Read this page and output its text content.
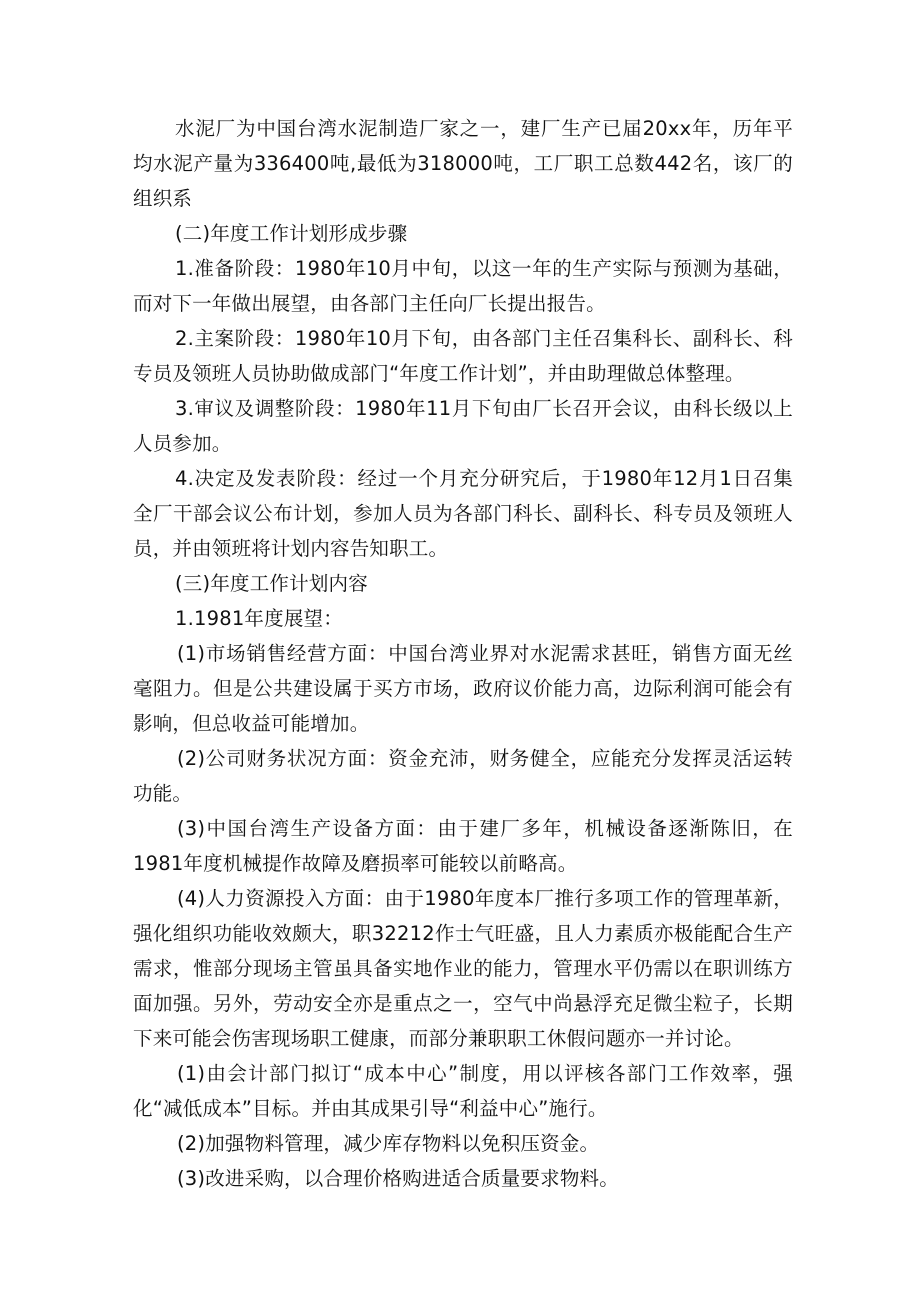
水泥厂为中国台湾水泥制造厂家之一，建厂生产已届20xx年，历年平均水泥产量为336400吨,最低为318000吨，工厂职工总数442名，该厂的组织系

(二)年度工作计划形成步骤

1.准备阶段：1980年10月中旬，以这一年的生产实际与预测为基础，而对下一年做出展望，由各部门主任向厂长提出报告。

2.主案阶段：1980年10月下旬，由各部门主任召集科长、副科长、科专员及领班人员协助做成部门“年度工作计划”，并由助理做总体整理。

3.审议及调整阶段：1980年11月下旬由厂长召开会议，由科长级以上人员参加。

4.决定及发表阶段：经过一个月充分研究后，于1980年12月1日召集全厂干部会议公布计划，参加人员为各部门科长、副科长、科专员及领班人员，并由领班将计划内容告知职工。

(三)年度工作计划内容

1.1981年度展望：

(1)市场销售经营方面：中国台湾业界对水泥需求甚旺，销售方面无丝毫阻力。但是公共建设属于买方市场，政府议价能力高，边际利润可能会有影响，但总收益可能增加。

(2)公司财务状况方面：资金充沛，财务健全，应能充分发挥灵活运转功能。

(3)中国台湾生产设备方面：由于建厂多年，机械设备逐渐陈旧，在1981年度机械提作故障及磨损率可能较以前略高。

(4)人力资源投入方面：由于1980年度本厂推行多项工作的管理革新，强化组织功能收效颇大，职32212作士气旺盛，且人力素质亦极能配合生产需求，惟部分现场主管虽具备实地作业的能力，管理水平仍需以在职训练方面加强。另外，劳动安全亦是重点之一，空气中尚悬浮充足微尘粒子，长期下来可能会伤害现场职工健康，而部分兼职职工休假问题亦一并讨论。

(1)由会计部门拟订“成本中心”制度，用以评核各部门工作效率，强化“减低成本”目标。并由其成果引导“利益中心”施行。

(2)加强物料管理，减少库存物料以免积压资金。

(3)改进采购，以合理价格购进适合质量要求物料。
